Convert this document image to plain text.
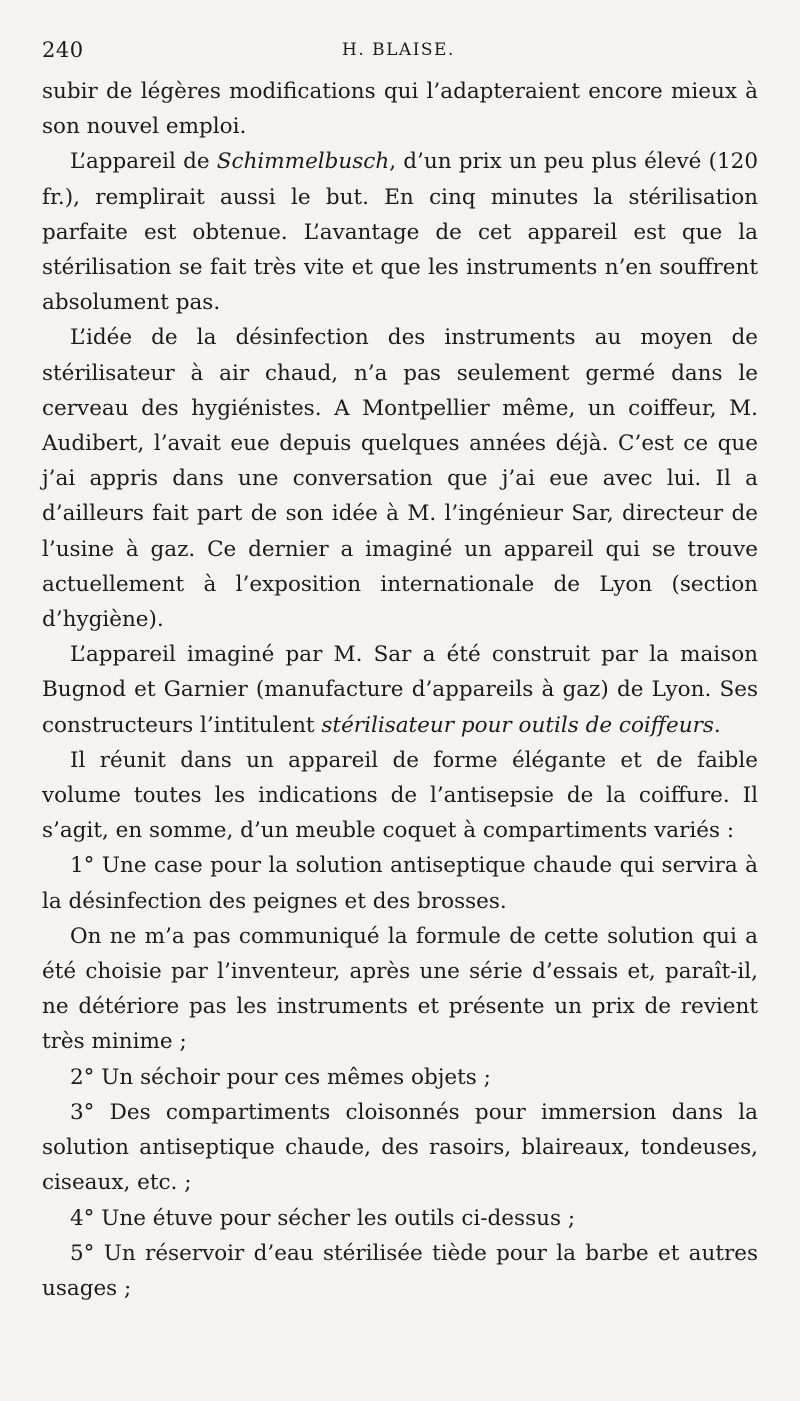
240	H. BLAISE.

subir de légères modifications qui l’adapteraient encore mieux à son nouvel emploi.

L’appareil de Schimmelbusch, d’un prix un peu plus élevé (120 fr.), remplirait aussi le but. En cinq minutes la stérilisation parfaite est obtenue. L’avantage de cet appareil est que la stérilisation se fait très vite et que les instruments n’en souffrent absolument pas.

L’idée de la désinfection des instruments au moyen de stérilisateur à air chaud, n’a pas seulement germé dans le cerveau des hygiénistes. A Montpellier même, un coiffeur, M. Audibert, l’avait eue depuis quelques années déjà. C’est ce que j’ai appris dans une conversation que j’ai eue avec lui. Il a d’ailleurs fait part de son idée à M. l’ingénieur Sar, directeur de l’usine à gaz. Ce dernier a imaginé un appareil qui se trouve actuellement à l’exposition internationale de Lyon (section d’hygiène).

L’appareil imaginé par M. Sar a été construit par la maison Bugnod et Garnier (manufacture d’appareils à gaz) de Lyon. Ses constructeurs l’intitulent stérilisateur pour outils de coiffeurs.

Il réunit dans un appareil de forme élégante et de faible volume toutes les indications de l’antisepsie de la coiffure. Il s’agit, en somme, d’un meuble coquet à compartiments variés :

1° Une case pour la solution antiseptique chaude qui servira à la désinfection des peignes et des brosses.

On ne m’a pas communiqué la formule de cette solution qui a été choisie par l’inventeur, après une série d’essais et, paraît-il, ne détériore pas les instruments et présente un prix de revient très minime ;

2° Un séchoir pour ces mêmes objets ;

3° Des compartiments cloisonnés pour immersion dans la solution antiseptique chaude, des rasoirs, blaireaux, tondeuses, ciseaux, etc. ;

4° Une étuve pour sécher les outils ci-dessus ;

5° Un réservoir d’eau stérilisée tiède pour la barbe et autres usages ;
